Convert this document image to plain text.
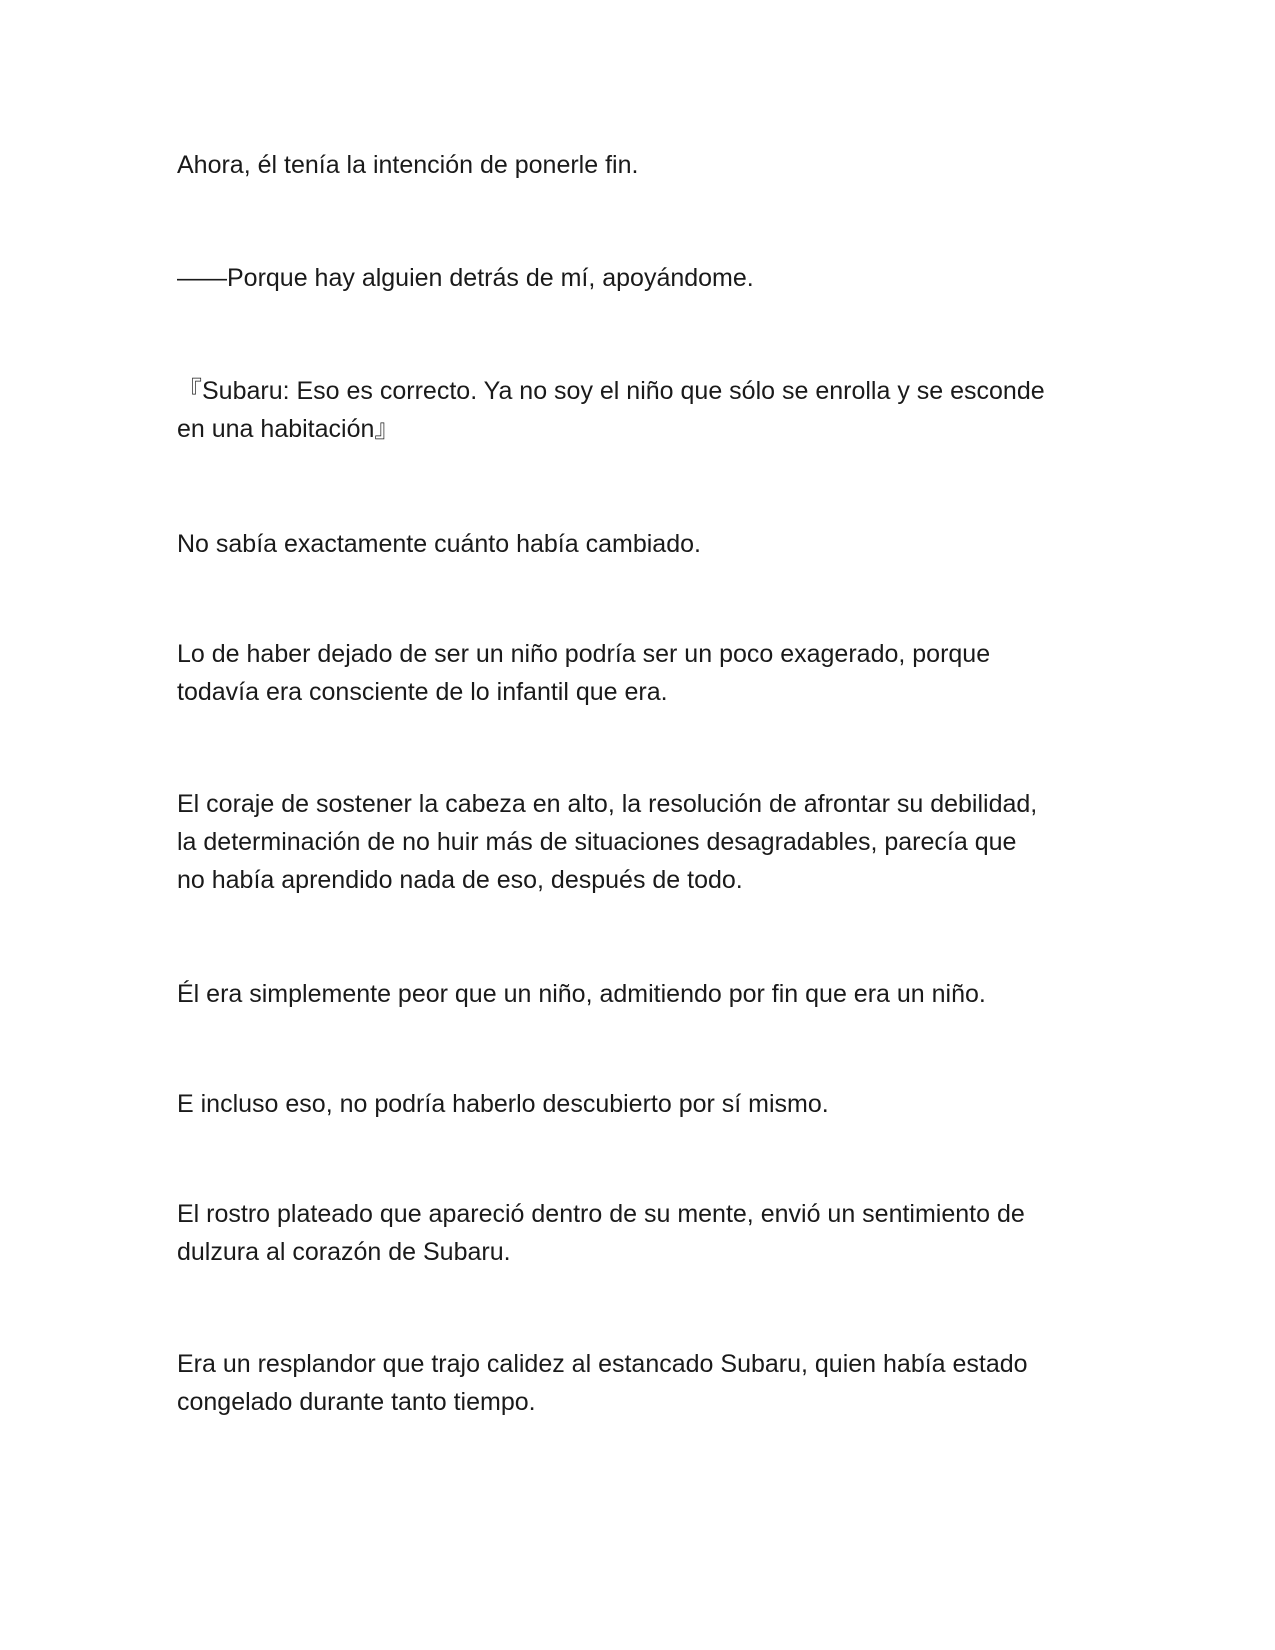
Ahora, él tenía la intención de ponerle fin.

——Porque hay alguien detrás de mí, apoyándome.

『Subaru: Eso es correcto. Ya no soy el niño que sólo se enrolla y se esconde
en una habitación』

No sabía exactamente cuánto había cambiado.

Lo de haber dejado de ser un niño podría ser un poco exagerado, porque
todavía era consciente de lo infantil que era.

El coraje de sostener la cabeza en alto, la resolución de afrontar su debilidad,
la determinación de no huir más de situaciones desagradables, parecía que
no había aprendido nada de eso, después de todo.

Él era simplemente peor que un niño, admitiendo por fin que era un niño.

E incluso eso, no podría haberlo descubierto por sí mismo.

El rostro plateado que apareció dentro de su mente, envió un sentimiento de
dulzura al corazón de Subaru.

Era un resplandor que trajo calidez al estancado Subaru, quien había estado
congelado durante tanto tiempo.
